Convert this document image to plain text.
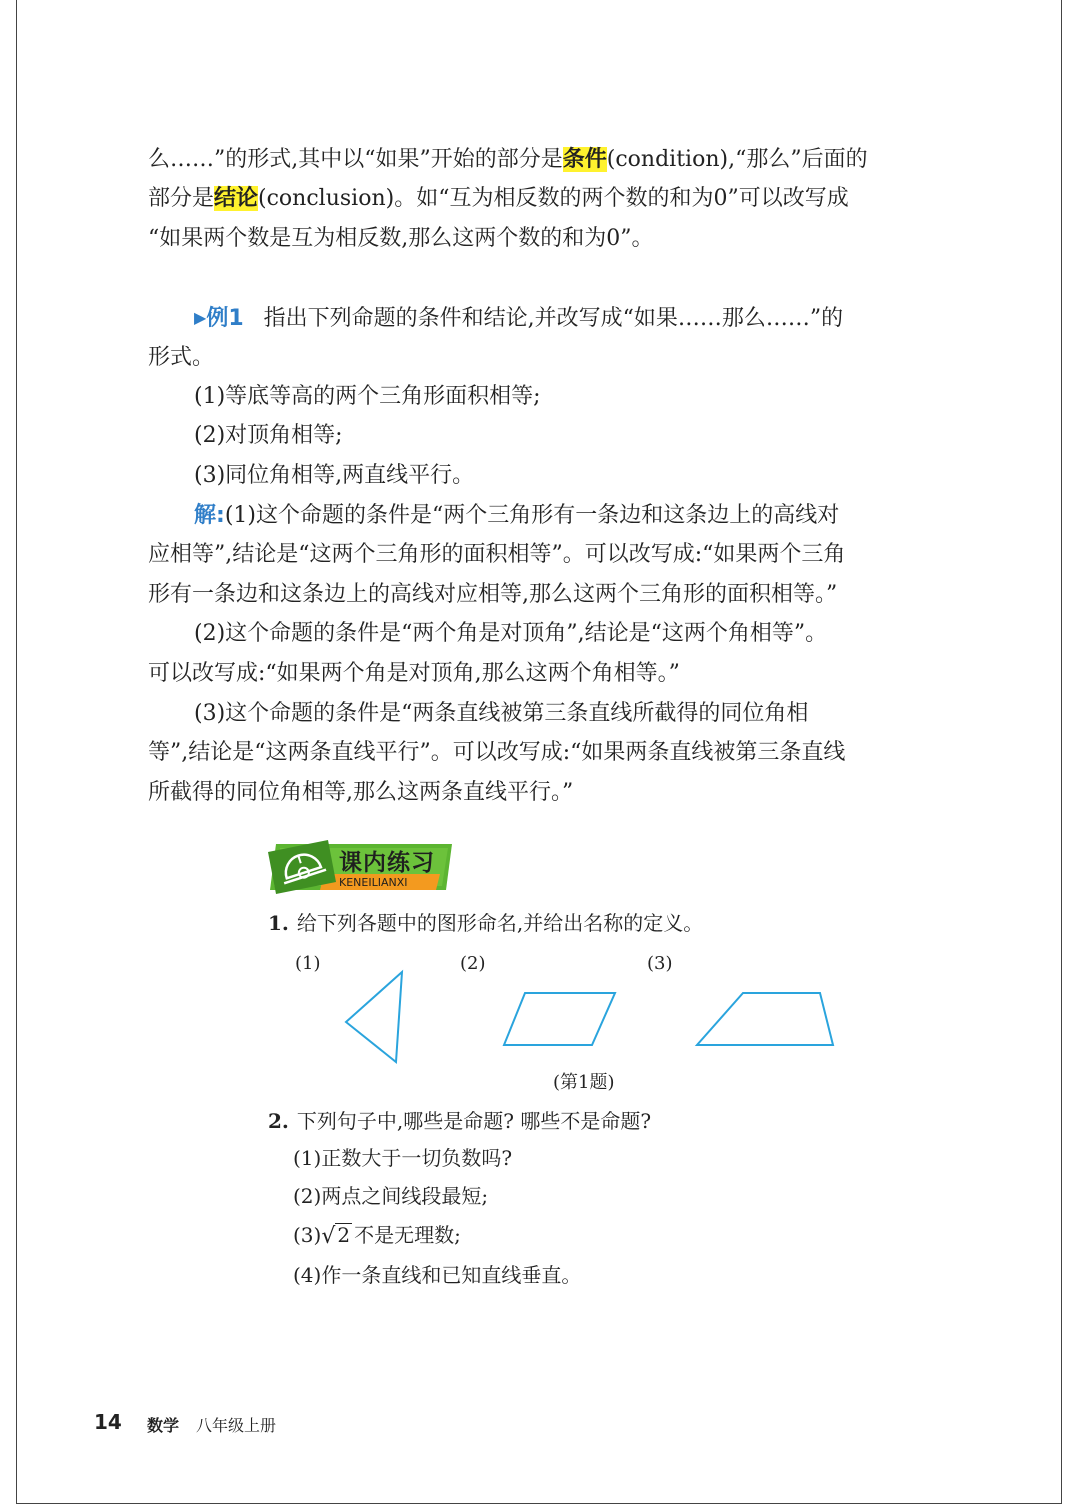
么……”的形式,其中以“如果”开始的部分是条件(condition),“那么”后面的
部分是结论(conclusion)。如“互为相反数的两个数的和为0”可以改写成
“如果两个数是互为相反数,那么这两个数的和为0”。
▶例1 指出下列命题的条件和结论,并改写成“如果……那么……”的
形式。
(1)等底等高的两个三角形面积相等;
(2)对顶角相等;
(3)同位角相等,两直线平行。
解:(1)这个命题的条件是“两个三角形有一条边和这条边上的高线对
应相等”,结论是“这两个三角形的面积相等”。可以改写成:“如果两个三角
形有一条边和这条边上的高线对应相等,那么这两个三角形的面积相等。”
(2)这个命题的条件是“两个角是对顶角”,结论是“这两个角相等”。
可以改写成:“如果两个角是对顶角,那么这两个角相等。”
(3)这个命题的条件是“两条直线被第三条直线所截得的同位角相
等”,结论是“这两条直线平行”。可以改写成:“如果两条直线被第三条直线
所截得的同位角相等,那么这两条直线平行。”
课内练习
KENEILIANXI
1. 给下列各题中的图形命名,并给出名称的定义。
(1)	(2)	(3)
(第1题)
2. 下列句子中,哪些是命题? 哪些不是命题?
(1)正数大于一切负数吗?
(2)两点之间线段最短;
(3) √ 2 不是无理数;
(4)作一条直线和已知直线垂直。
14 数学 八年级上册
